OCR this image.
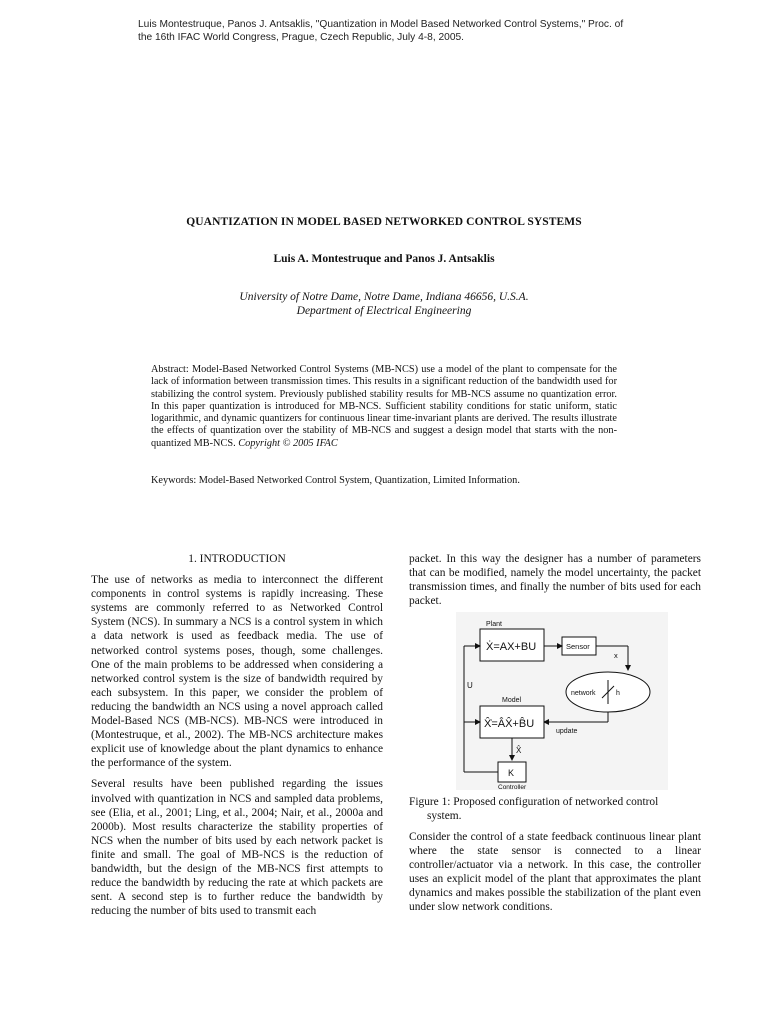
Luis Montestruque, Panos J. Antsaklis, "Quantization in Model Based Networked Control Systems," Proc. of
the 16th IFAC World Congress, Prague, Czech Republic, July 4-8, 2005.
QUANTIZATION IN MODEL BASED NETWORKED CONTROL SYSTEMS
Luis A. Montestruque and Panos J. Antsaklis
University of Notre Dame, Notre Dame, Indiana 46656, U.S.A.
Department of Electrical Engineering
Abstract: Model-Based Networked Control Systems (MB-NCS) use a model of the plant to compensate for the lack of information between transmission times. This results in a significant reduction of the bandwidth used for stabilizing the control system. Previously published stability results for MB-NCS assume no quantization error. In this paper quantization is introduced for MB-NCS. Sufficient stability conditions for static uniform, static logarithmic, and dynamic quantizers for continuous linear time-invariant plants are derived. The results illustrate the effects of quantization over the stability of MB-NCS and suggest a design model that starts with the non-quantized MB-NCS. Copyright © 2005 IFAC
Keywords: Model-Based Networked Control System, Quantization, Limited Information.

1. INTRODUCTION

The use of networks as media to interconnect the different components in control systems is rapidly increasing. These systems are commonly referred to as Networked Control System (NCS). In summary a NCS is a control system in which a data network is used as feedback media. The use of networked control systems poses, though, some challenges. One of the main problems to be addressed when considering a networked control system is the size of bandwidth required by each subsystem. In this paper, we consider the problem of reducing the bandwidth an NCS using a novel approach called Model-Based NCS (MB-NCS). MB-NCS were introduced in (Montestruque, et al., 2002). The MB-NCS architecture makes explicit use of knowledge about the plant dynamics to enhance the performance of the system.

Several results have been published regarding the issues involved with quantization in NCS and sampled data problems, see (Elia, et al., 2001; Ling, et al., 2004; Nair, et al., 2000a and 2000b). Most results characterize the stability properties of NCS when the number of bits used by each network packet is finite and small. The goal of MB-NCS is the reduction of bandwidth, but the design of the MB-NCS first attempts to reduce the bandwidth by reducing the rate at which packets are sent. A second step is to further reduce the bandwidth by reducing the number of bits used to transmit each

packet. In this way the designer has a number of parameters that can be modified, namely the model uncertainty, the packet transmission times, and finally the number of bits used for each packet.

Plant
Ẋ=AX+BU	Sensor
x
network	h
update
Model
X̂̇=ÂX̂+B̂U
X̂
K
Controller
U
Figure 1: Proposed configuration of networked control
system.

Consider the control of a state feedback continuous linear plant where the state sensor is connected to a linear controller/actuator via a network. In this case, the controller uses an explicit model of the plant that approximates the plant dynamics and makes possible the stabilization of the plant even under slow network conditions.
